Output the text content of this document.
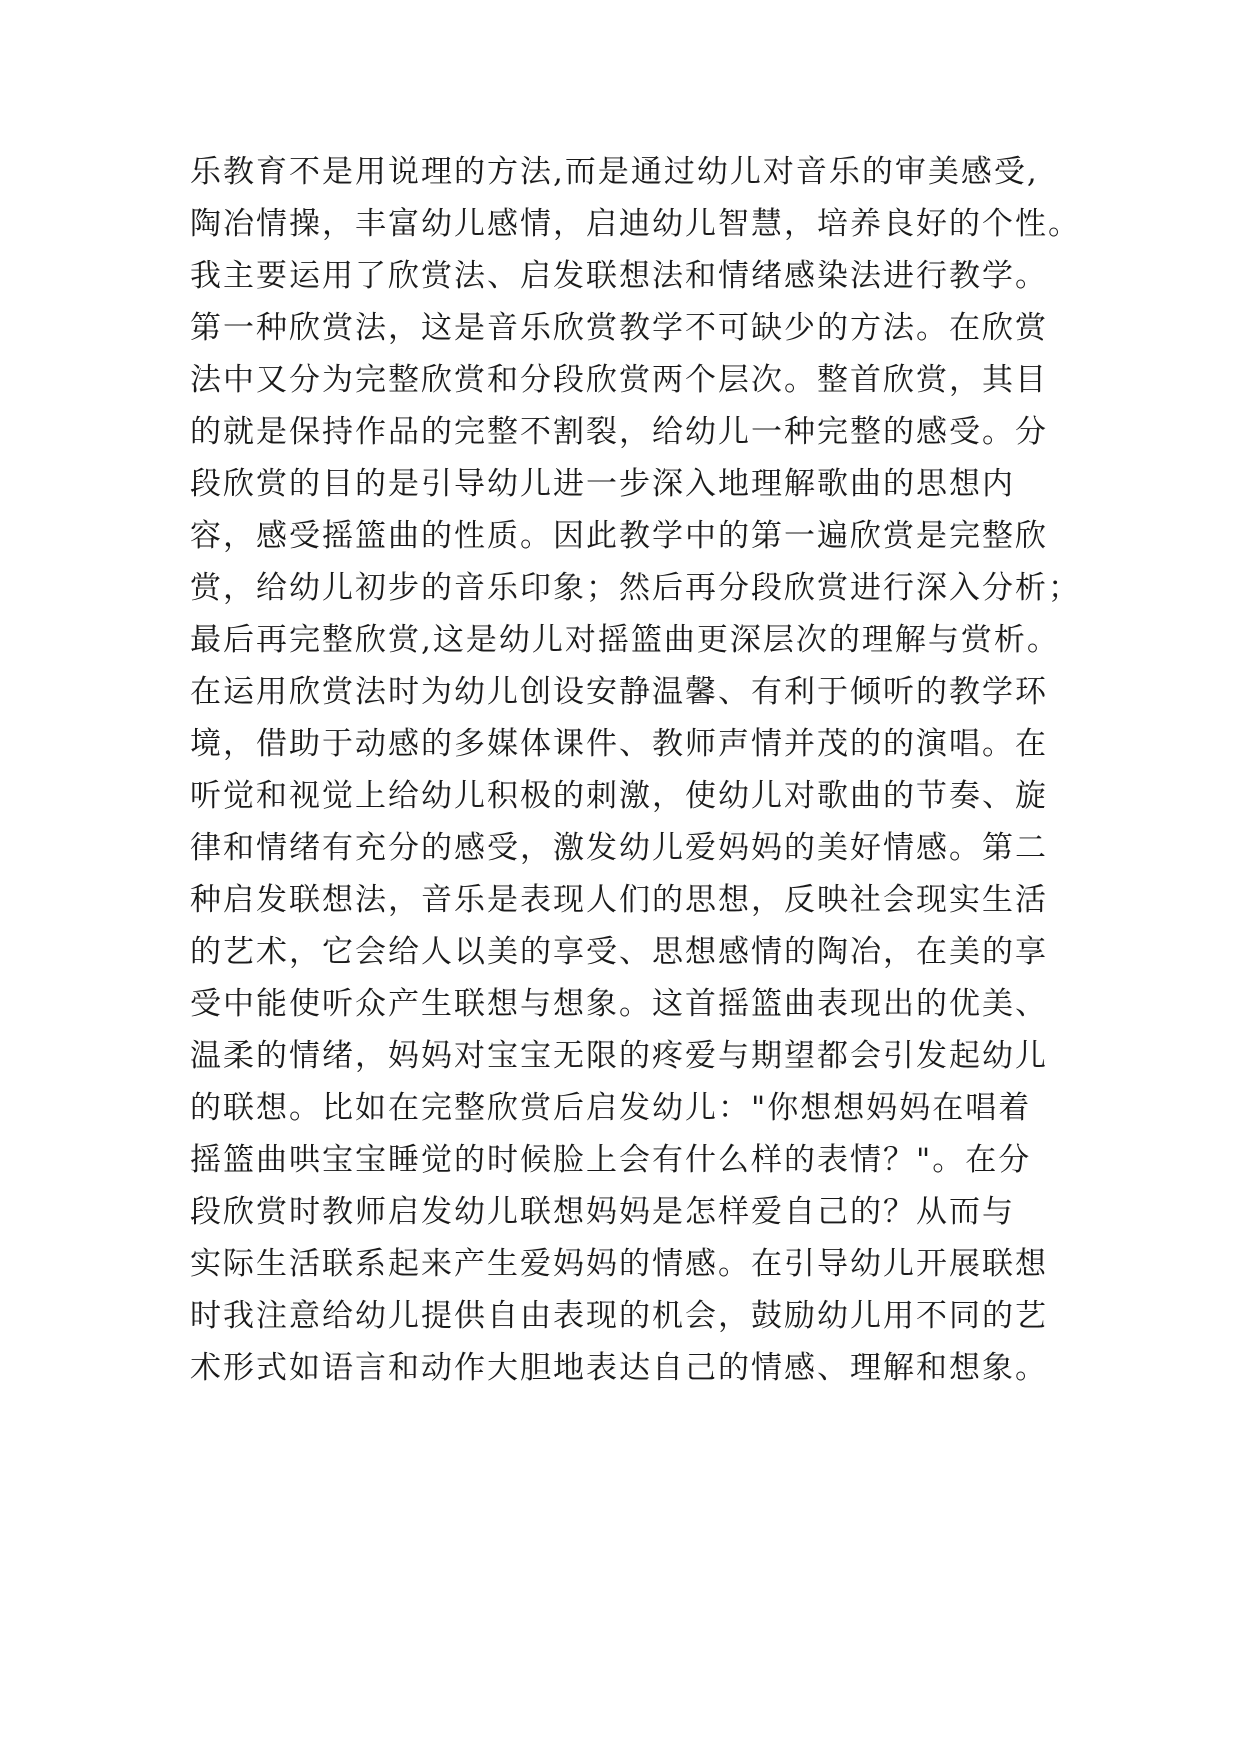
乐教育不是用说理的方法,而是通过幼儿对音乐的审美感受,
陶冶情操，丰富幼儿感情，启迪幼儿智慧，培养良好的个性。
我主要运用了欣赏法、启发联想法和情绪感染法进行教学。
第一种欣赏法，这是音乐欣赏教学不可缺少的方法。在欣赏
法中又分为完整欣赏和分段欣赏两个层次。整首欣赏，其目
的就是保持作品的完整不割裂，给幼儿一种完整的感受。分
段欣赏的目的是引导幼儿进一步深入地理解歌曲的思想内
容，感受摇篮曲的性质。因此教学中的第一遍欣赏是完整欣
赏，给幼儿初步的音乐印象；然后再分段欣赏进行深入分析；
最后再完整欣赏,这是幼儿对摇篮曲更深层次的理解与赏析。
在运用欣赏法时为幼儿创设安静温馨、有利于倾听的教学环
境，借助于动感的多媒体课件、教师声情并茂的的演唱。在
听觉和视觉上给幼儿积极的刺激，使幼儿对歌曲的节奏、旋
律和情绪有充分的感受，激发幼儿爱妈妈的美好情感。第二
种启发联想法，音乐是表现人们的思想，反映社会现实生活
的艺术，它会给人以美的享受、思想感情的陶冶，在美的享
受中能使听众产生联想与想象。这首摇篮曲表现出的优美、
温柔的情绪，妈妈对宝宝无限的疼爱与期望都会引发起幼儿
的联想。比如在完整欣赏后启发幼儿："你想想妈妈在唱着
摇篮曲哄宝宝睡觉的时候脸上会有什么样的表情？"。在分
段欣赏时教师启发幼儿联想妈妈是怎样爱自己的？从而与
实际生活联系起来产生爱妈妈的情感。在引导幼儿开展联想
时我注意给幼儿提供自由表现的机会，鼓励幼儿用不同的艺
术形式如语言和动作大胆地表达自己的情感、理解和想象。
